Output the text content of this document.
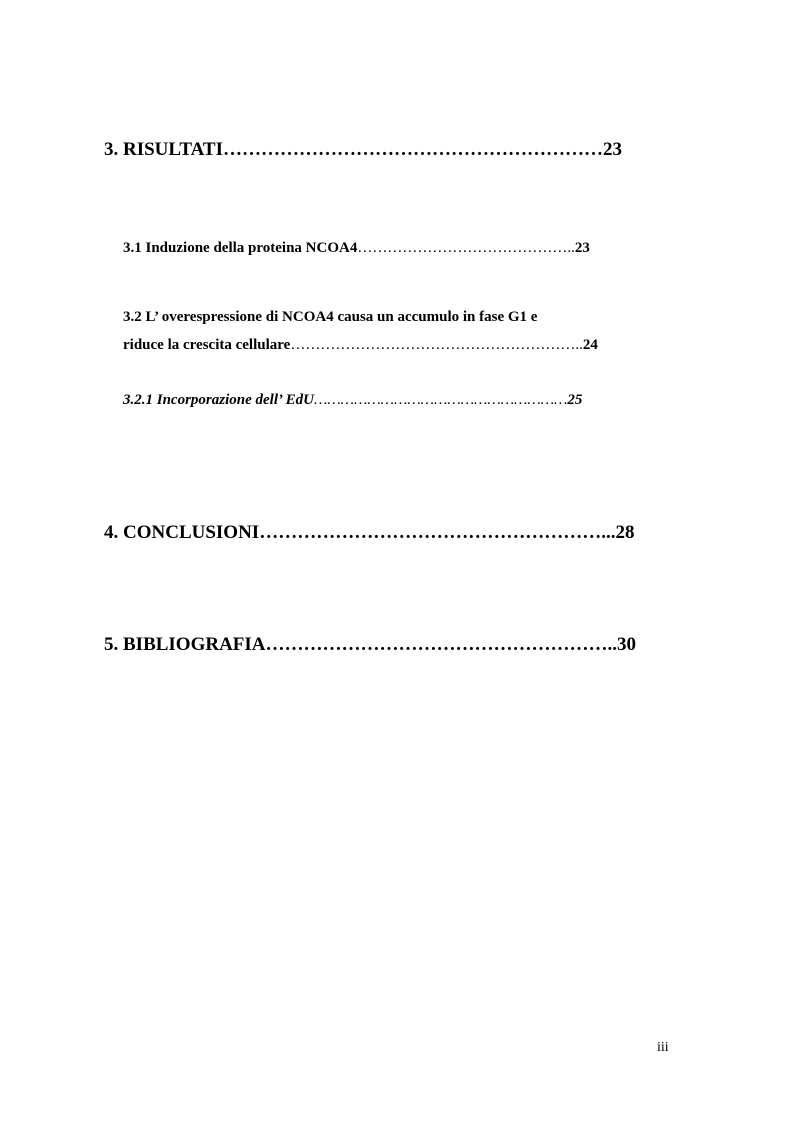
3. RISULTATI……………………………………………………23
3.1 Induzione della proteina NCOA4……………………………………..23
3.2 L’ overespressione di NCOA4 causa un accumulo in fase G1 e
riduce la crescita cellulare…………………………………………………..24
3.2.1 Incorporazione dell’ EdU…………………………………………………25
4. CONCLUSIONI………………………………………………...28
5. BIBLIOGRAFIA………………………………………………..30
iii
